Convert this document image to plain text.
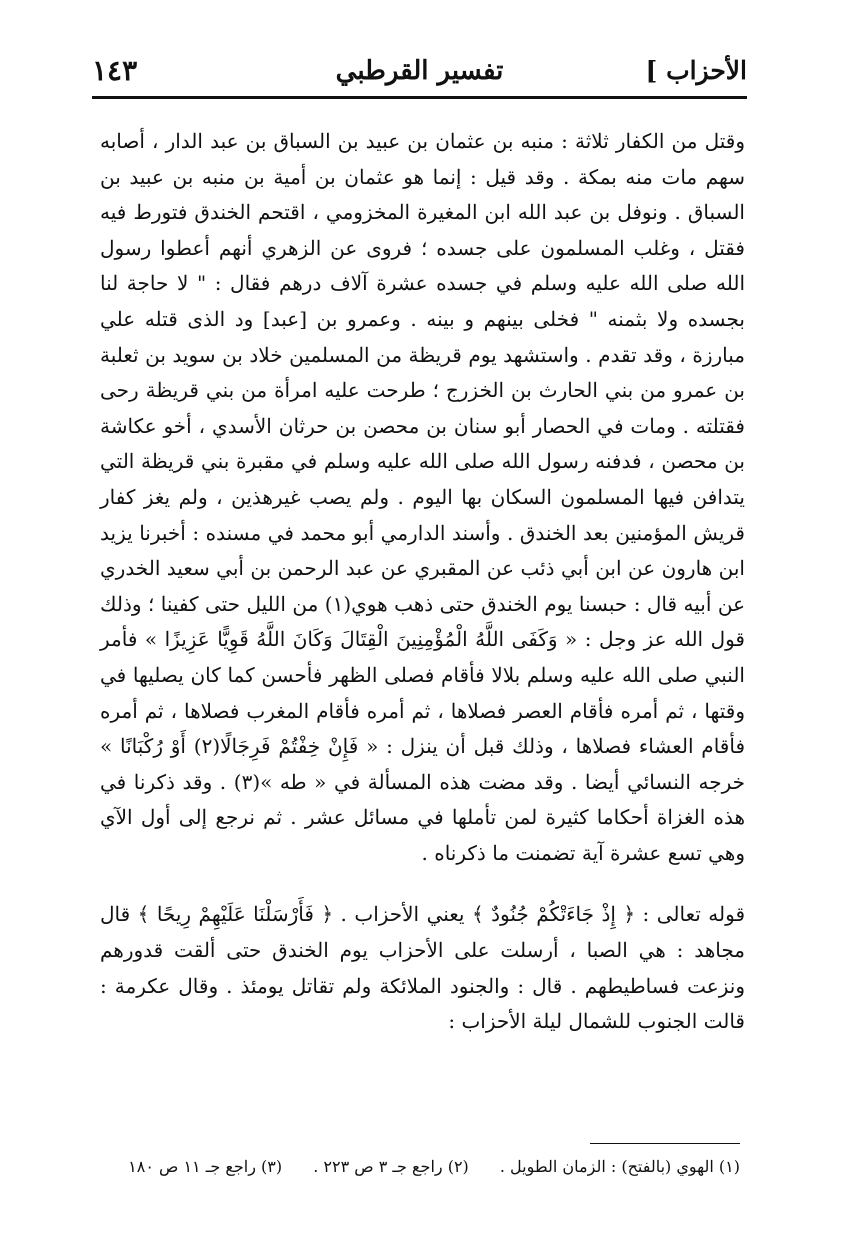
الأحزاب ]
تفسير القرطبي
١٤٣

وقتل من الكفار ثلاثة : منبه بن عثمان بن عبيد بن السباق بن عبد الدار ، أصابه سهم مات منه بمكة . وقد قيل : إنما هو عثمان بن أمية بن منبه بن عبيد بن السباق . ونوفل بن عبد الله ابن المغيرة المخزومي ، اقتحم الخندق فتورط فيه فقتل ، وغلب المسلمون على جسده ؛ فروى عن الزهري أنهم أعطوا رسول الله صلى الله عليه وسلم في جسده عشرة آلاف درهم فقال : " لا حاجة لنا بجسده ولا بثمنه " فخلى بينهم و بينه . وعمرو بن [عبد] ود الذى قتله علي مبارزة ، وقد تقدم . واستشهد يوم قريظة من المسلمين خلاد بن سويد بن ثعلبة بن عمرو من بني الحارث بن الخزرج ؛ طرحت عليه امرأة من بني قريظة رحى فقتلته . ومات في الحصار أبو سنان بن محصن بن حرثان الأسدي ، أخو عكاشة بن محصن ، فدفنه رسول الله صلى الله عليه وسلم في مقبرة بني قريظة التي يتدافن فيها المسلمون السكان بها اليوم . ولم يصب غيرهذين ، ولم يغز كفار قريش المؤمنين بعد الخندق . وأسند الدارمي أبو محمد في مسنده : أخبرنا يزيد ابن هارون عن ابن أبي ذئب عن المقبري عن عبد الرحمن بن أبي سعيد الخدري عن أبيه قال : حبسنا يوم الخندق حتى ذهب هوي(١) من الليل حتى كفينا ؛ وذلك قول الله عز وجل : « وَكَفَى اللَّهُ الْمُؤْمِنِينَ الْقِتَالَ وَكَانَ اللَّهُ قَوِيًّا عَزِيزًا » فأمر النبي صلى الله عليه وسلم بلالا فأقام فصلى الظهر فأحسن كما كان يصليها في وقتها ، ثم أمره فأقام العصر فصلاها ، ثم أمره فأقام المغرب فصلاها ، ثم أمره فأقام العشاء فصلاها ، وذلك قبل أن ينزل : « فَإِنْ خِفْتُمْ فَرِجَالًا(٢) أَوْ رُكْبَانًا » خرجه النسائي أيضا . وقد مضت هذه المسألة في « طه »(٣) . وقد ذكرنا في هذه الغزاة أحكاما كثيرة لمن تأملها في مسائل عشر . ثم نرجع إلى أول الآي وهي تسع عشرة آية تضمنت ما ذكرناه .

قوله تعالى : ﴿ إِذْ جَاءَتْكُمْ جُنُودٌ ﴾ يعني الأحزاب . ﴿ فَأَرْسَلْنَا عَلَيْهِمْ رِيحًا ﴾ قال مجاهد : هي الصبا ، أرسلت على الأحزاب يوم الخندق حتى ألقت قدورهم ونزعت فساطيطهم . قال : والجنود الملائكة ولم تقاتل يومئذ . وقال عكرمة : قالت الجنوب للشمال ليلة الأحزاب :

(١) الهوي (بالفتح) : الزمان الطويل . (٢) راجع جـ ٣ ص ٢٢٣ . (٣) راجع جـ ١١ ص ١٨٠
